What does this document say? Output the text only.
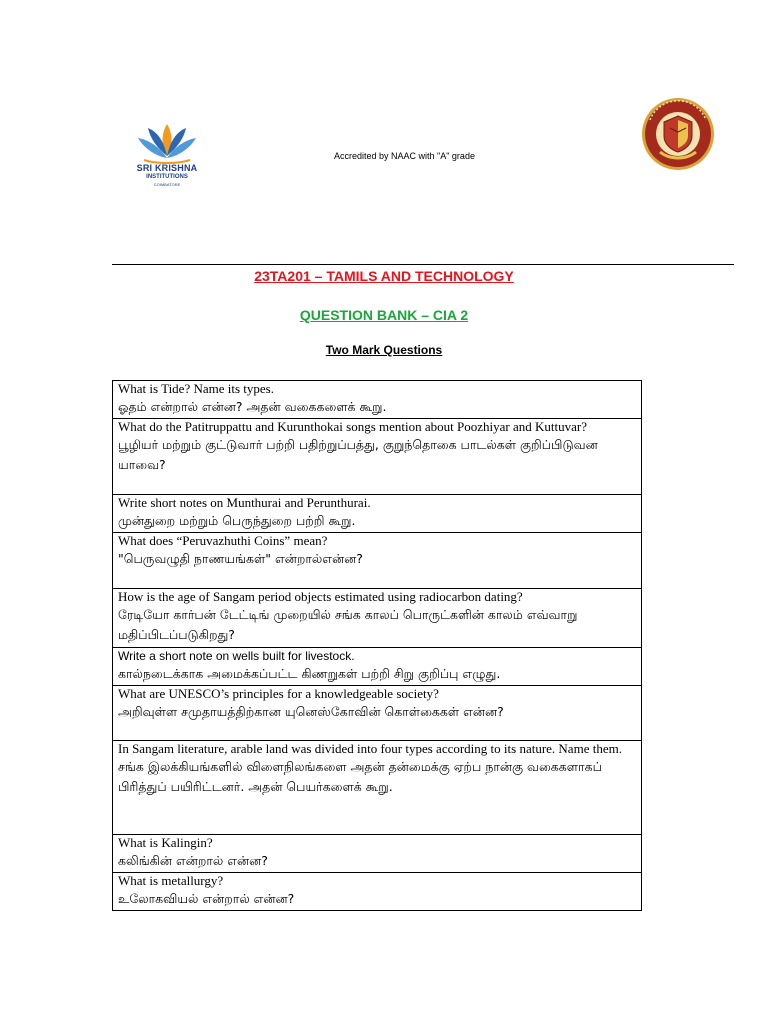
SRI KRISHNA
INSTITUTIONS
COIMBATORE
Accredited by NAAC with "A" grade
23TA201 – TAMILS AND TECHNOLOGY
QUESTION BANK – CIA 2
Two Mark Questions
What is Tide? Name its types.
ஓதம் என்றால் என்ன? அதன் வகைகளைக் கூறு.

What do the Patitruppattu and Kurunthokai songs mention about Poozhiyar and Kuttuvar?
பூழியர் மற்றும் குட்டுவார் பற்றி பதிற்றுப்பத்து, குறுந்தொகை பாடல்கள் குறிப்பிடுவன யாவை?

Write short notes on Munthurai and Perunthurai.
முன்துறை மற்றும் பெருந்துறை பற்றி கூறு.

What does “Peruvazhuthi Coins” mean?
"பெருவழுதி நாணயங்கள்" என்றால்என்ன?

How is the age of Sangam period objects estimated using radiocarbon dating?
ரேடியோ கார்பன் டேட்டிங் முறையில் சங்க காலப் பொருட்களின் காலம் எவ்வாறு மதிப்பிடப்படுகிறது?

Write a short note on wells built for livestock.
கால்நடைக்காக அமைக்கப்பட்ட கிணறுகள் பற்றி சிறு குறிப்பு எழுது.

What are UNESCO’s principles for a knowledgeable society?
அறிவுள்ள சமுதாயத்திற்கான யுனெஸ்கோவின் கொள்கைகள் என்ன?

In Sangam literature, arable land was divided into four types according to its nature. Name them.
சங்க இலக்கியங்களில் விளைநிலங்களை அதன் தன்மைக்கு ஏற்ப நான்கு வகைகளாகப் பிரித்துப் பயிரிட்டனர். அதன் பெயர்களைக் கூறு.

What is Kalingin?
கலிங்கின் என்றால் என்ன?

What is metallurgy?
உலோகவியல் என்றால் என்ன?
